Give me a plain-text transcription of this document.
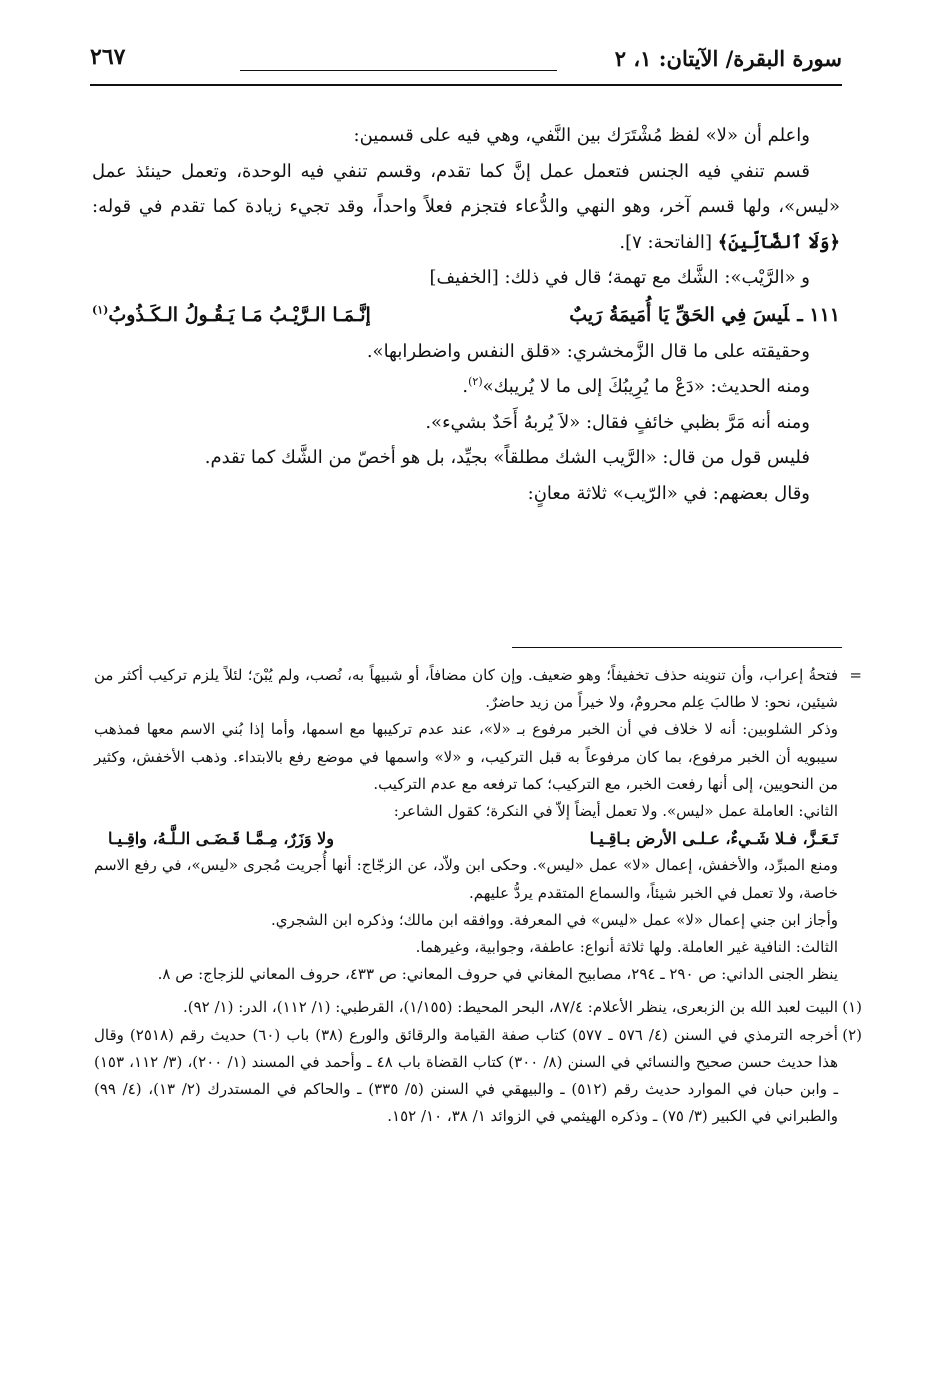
سورة البقرة/ الآيتان: ١، ٢
٢٦٧

واعلم أن «لا» لفظ مُشْتَرَك بين النَّفي، وهي فيه على قسمين:

قسم تنفي فيه الجنس فتعمل عمل إنَّ كما تقدم، وقسم تنفي فيه الوحدة، وتعمل حينئذ عمل «ليس»، ولها قسم آخر، وهو النهي والدُّعاء فتجزم فعلاً واحداً، وقد تجيء زيادة كما تقدم في قوله: ﴿وَلَا ٱلضَّآلِّينَ﴾ [الفاتحة: ٧].

و «الرَّيْب»: الشَّك مع تهمة؛ قال في ذلك: [الخفيف]

١١١ ـلَيسَ فِي الحَقِّ يَا أُمَيمَةُ رَيبٌ
إنَّـمَـا الـرَّيْـبُ مَـا يَـقُـولُ الـكَـذُوبُ$^{(١)}$

وحقيقته على ما قال الزَّمخشري: «قلق النفس واضطرابها».

ومنه الحديث: «دَعْ ما يُرِيبُكَ إلى ما لا يُريبك»$^{(٢)}$.

ومنه أنه مَرَّ بظبي خائفٍ فقال: «لاَ يُربهُ أَحَدٌ بشيء».

فليس قول من قال: «الرَّيب الشك مطلقاً» بجيِّد، بل هو أخصّ من الشَّك كما تقدم.

وقال بعضهم: في «الرّيب» ثلاثة معانٍ:

=
فتحةُ إعراب، وأن تنوينه حذف تخفيفاً؛ وهو ضعيف. وإن كان مضافاً، أو شبيهاً به، نُصب، ولم يُبْنَ؛ لئلاً يلزم تركيب أكثر من شيئين، نحو: لا طالبَ عِلم محرومٌ، ولا خيراً من زيد حاضرٌ.

وذكر الشلوبين: أنه لا خلاف في أن الخبر مرفوع بـ «لا»، عند عدم تركيبها مع اسمها، وأما إذا بُني الاسم معها فمذهب سيبويه أن الخبر مرفوع، بما كان مرفوعاً به قبل التركيب، و «لا» واسمها في موضع رفع بالابتداء. وذهب الأخفش، وكثير من النحويين، إلى أنها رفعت الخبر، مع التركيب؛ كما ترفعه مع عدم التركيب.

الثاني: العاملة عمل «ليس». ولا تعمل أيضاً إلاّ في النكرة؛ كقول الشاعر:

تَـعَـزَّ، فـلا شَـيءٌ، عـلـى الأرض بـاقِـيـا
ولا وَزَرٌ، مِـمَّـا قَـضَـى الـلَّـهُ، واقِـيـا

ومنع المبرِّد، والأخفش، إعمال «لا» عمل «ليس». وحكى ابن ولاّد، عن الزجّاج: أنها أُجريت مُجرى «ليس»، في رفع الاسم خاصة، ولا تعمل في الخبر شيئاً، والسماع المتقدم يردُّ عليهم.

وأجاز ابن جني إعمال «لا» عمل «ليس» في المعرفة. ووافقه ابن مالك؛ وذكره ابن الشجري.

الثالث: النافية غير العاملة. ولها ثلاثة أنواع: عاطفة، وجوابية، وغيرهما.

ينظر الجنى الداني: ص ٢٩٠ ـ ٢٩٤، مصابيح المغاني في حروف المعاني: ص ٤٣٣، حروف المعاني للزجاج: ص ٨.

(١)
البيت لعبد الله بن الزبعرى، ينظر الأعلام: ٨٧/٤، البحر المحيط: (١/١٥٥)، القرطبي: (١/ ١١٢)، الدر: (١/ ٩٢).

(٢)
أخرجه الترمذي في السنن (٤/ ٥٧٦ ـ ٥٧٧) كتاب صفة القيامة والرقائق والورع (٣٨) باب (٦٠) حديث رقم (٢٥١٨) وقال هذا حديث حسن صحيح والنسائي في السنن (٨/ ٣٠٠) كتاب القضاة باب ٤٨ ـ وأحمد في المسند (١/ ٢٠٠)، (٣/ ١١٢، ١٥٣) ـ وابن حبان في الموارد حديث رقم (٥١٢) ـ والبيهقي في السنن (٥/ ٣٣٥) ـ والحاكم في المستدرك (٢/ ١٣)، (٤/ ٩٩) والطبراني في الكبير (٣/ ٧٥) ـ وذكره الهيثمي في الزوائد ١/ ٣٨، ١٠/ ١٥٢.
